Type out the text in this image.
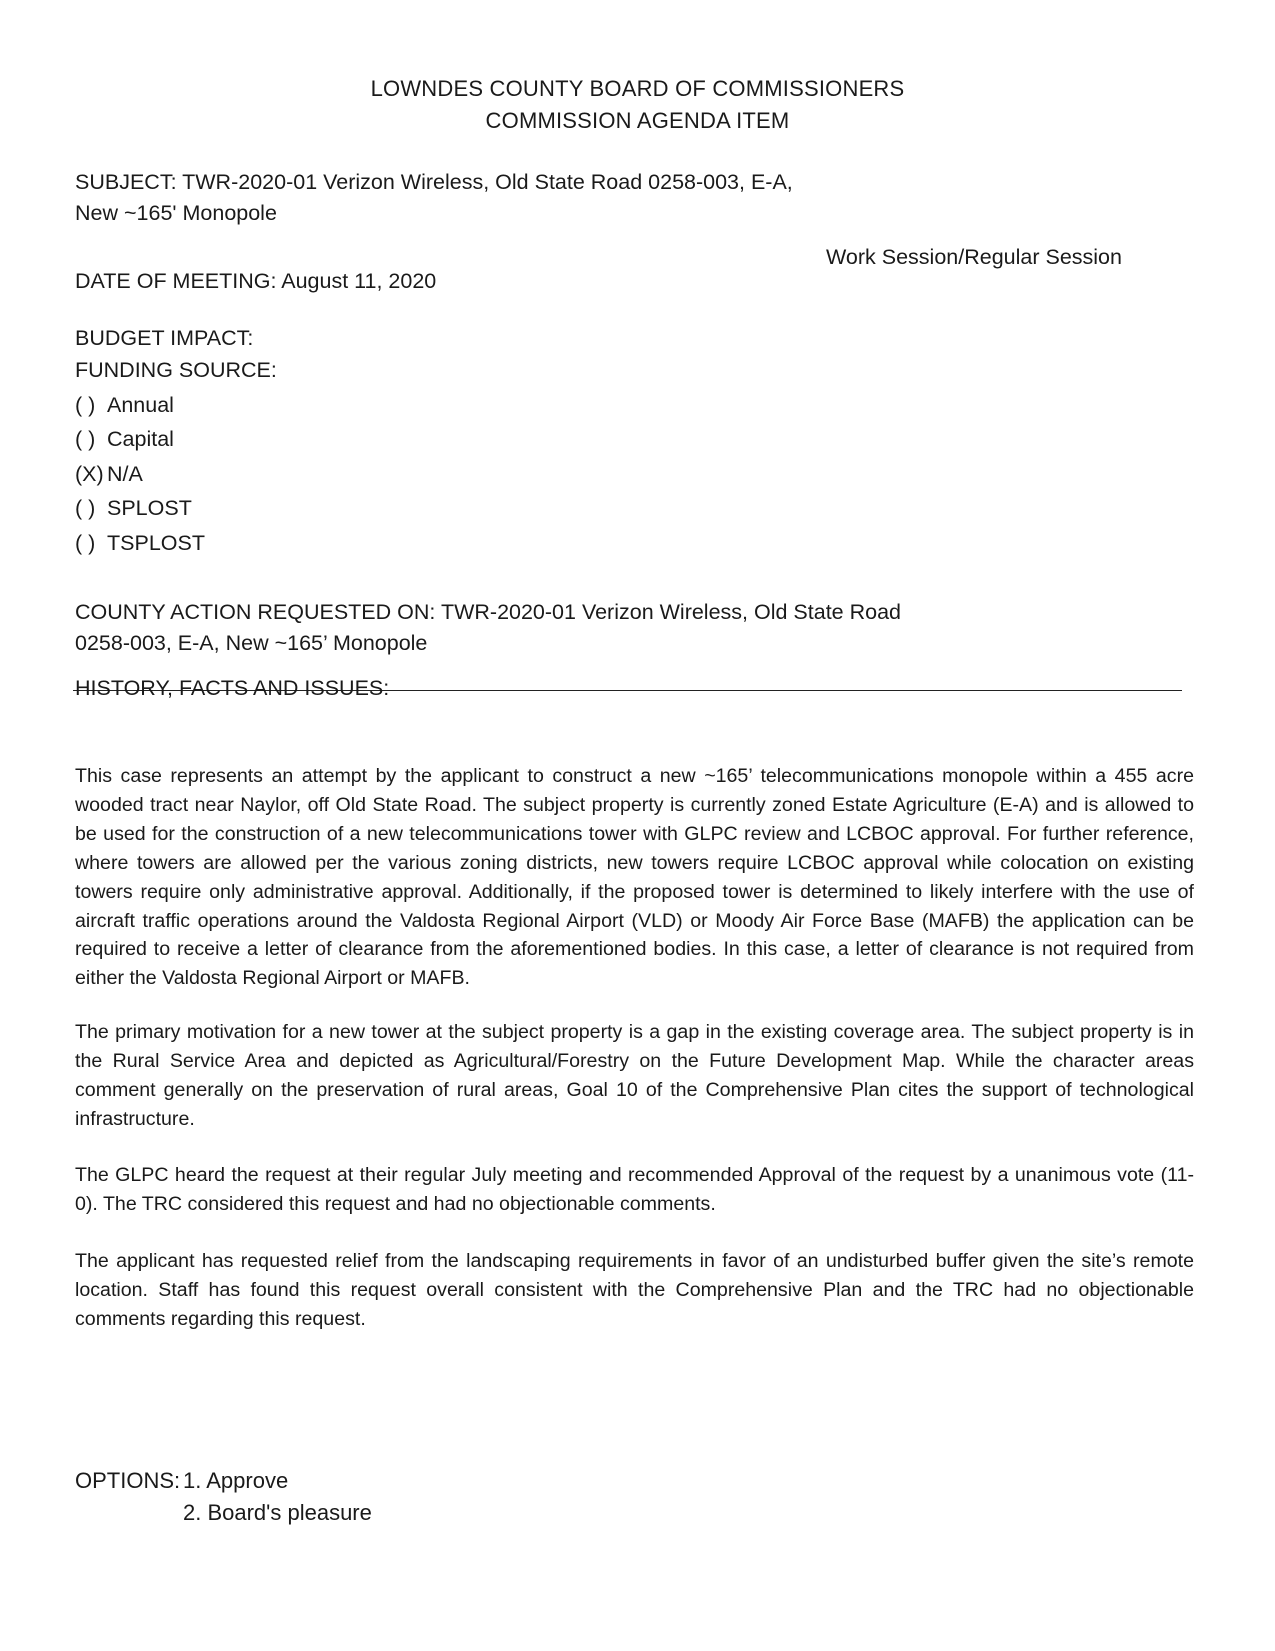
LOWNDES COUNTY BOARD OF COMMISSIONERS
COMMISSION AGENDA ITEM
SUBJECT: TWR-2020-01 Verizon Wireless, Old State Road 0258-003, E-A,
New ~165' Monopole
Work Session/Regular Session
DATE OF MEETING: August 11, 2020
BUDGET IMPACT:
FUNDING SOURCE:
( ) Annual
( ) Capital
(X) N/A
( ) SPLOST
( ) TSPLOST
COUNTY ACTION REQUESTED ON: TWR-2020-01 Verizon Wireless, Old State Road
0258-003, E-A, New ~165’ Monopole
HISTORY, FACTS AND ISSUES:
This case represents an attempt by the applicant to construct a new ~165’ telecommunications monopole within a 455 acre wooded tract near Naylor, off Old State Road. The subject property is currently zoned Estate Agriculture (E-A) and is allowed to be used for the construction of a new telecommunications tower with GLPC review and LCBOC approval. For further reference, where towers are allowed per the various zoning districts, new towers require LCBOC approval while colocation on existing towers require only administrative approval. Additionally, if the proposed tower is determined to likely interfere with the use of aircraft traffic operations around the Valdosta Regional Airport (VLD) or Moody Air Force Base (MAFB) the application can be required to receive a letter of clearance from the aforementioned bodies. In this case, a letter of clearance is not required from either the Valdosta Regional Airport or MAFB.
The primary motivation for a new tower at the subject property is a gap in the existing coverage area. The subject property is in the Rural Service Area and depicted as Agricultural/Forestry on the Future Development Map. While the character areas comment generally on the preservation of rural areas, Goal 10 of the Comprehensive Plan cites the support of technological infrastructure.
The GLPC heard the request at their regular July meeting and recommended Approval of the request by a unanimous vote (11-0). The TRC considered this request and had no objectionable comments.
The applicant has requested relief from the landscaping requirements in favor of an undisturbed buffer given the site’s remote location. Staff has found this request overall consistent with the Comprehensive Plan and the TRC had no objectionable comments regarding this request.
OPTIONS: 1. Approve
2. Board's pleasure
